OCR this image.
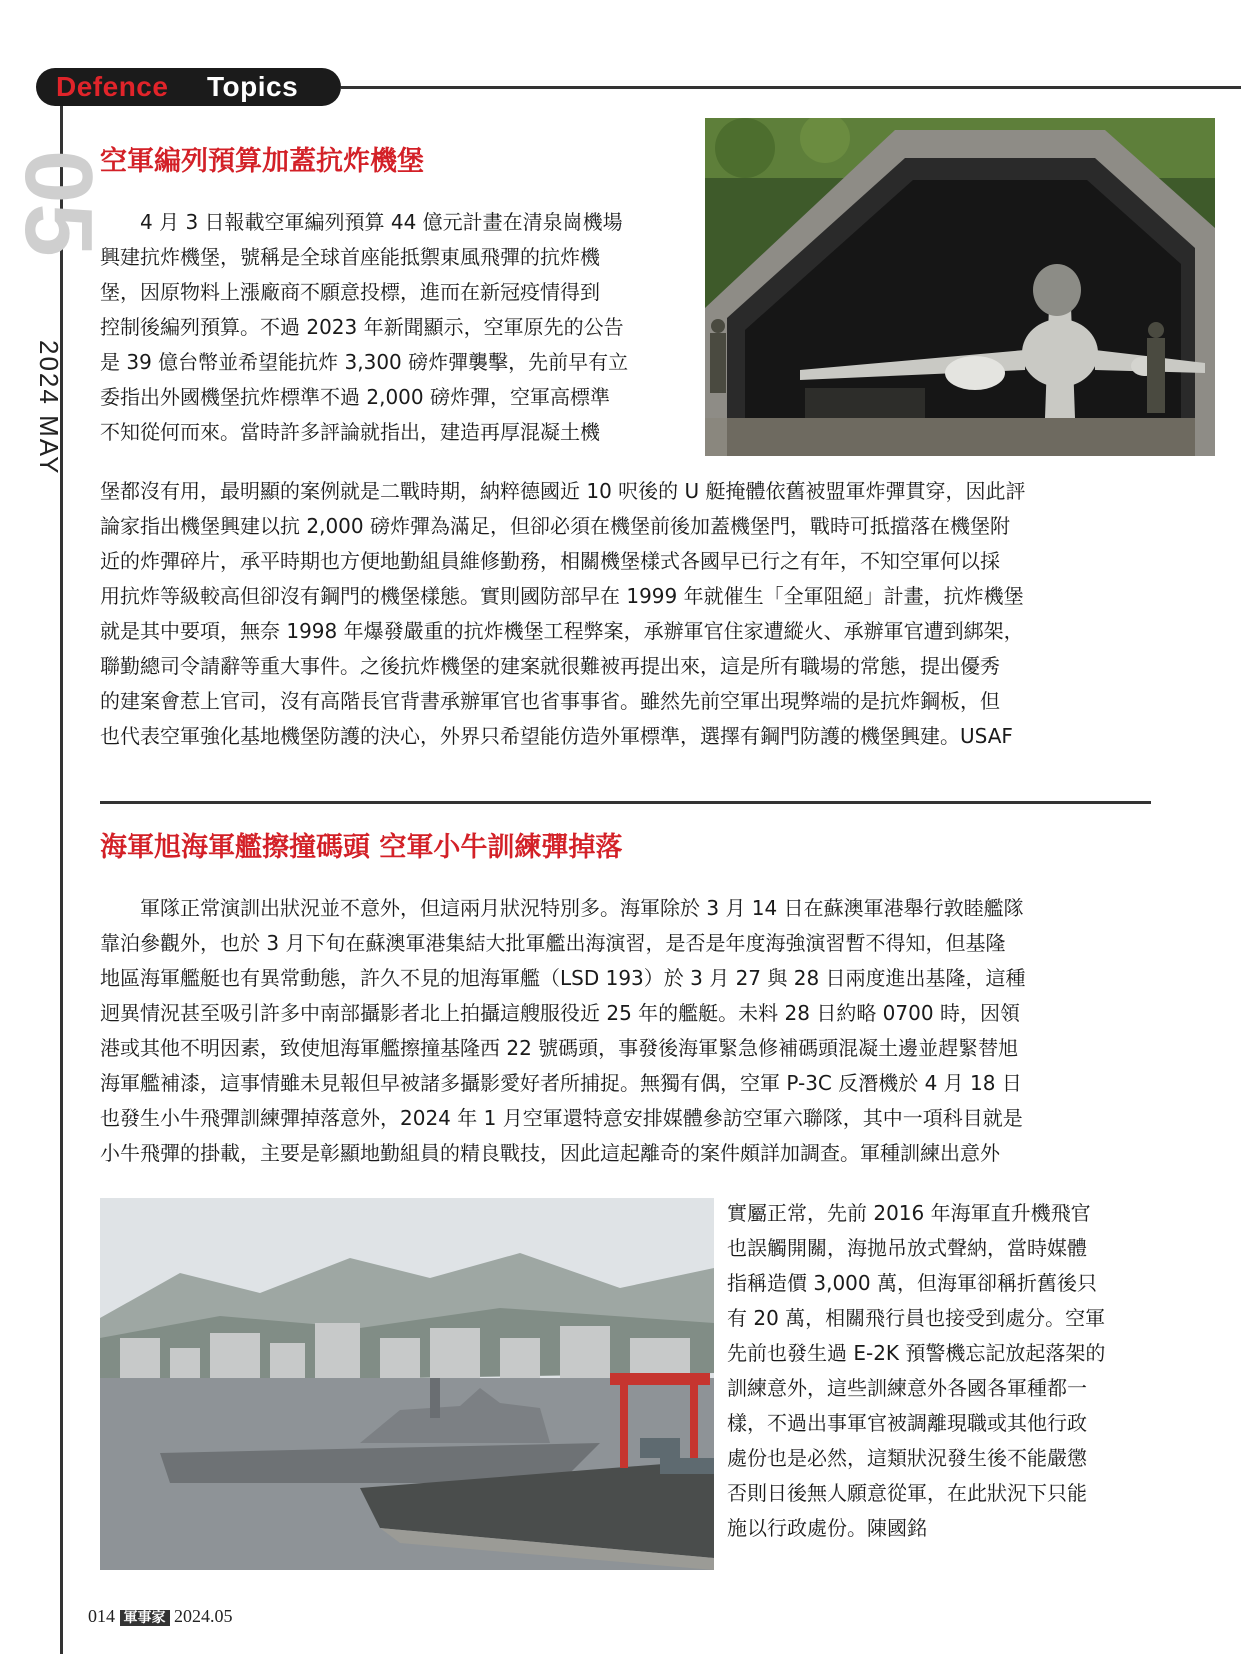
Defence Topics
05
2024 MAY
空軍編列預算加蓋抗炸機堡

　　4 月 3 日報載空軍編列預算 44 億元計畫在清泉崗機場

興建抗炸機堡，號稱是全球首座能抵禦東風飛彈的抗炸機

堡，因原物料上漲廠商不願意投標，進而在新冠疫情得到

控制後編列預算。不過 2023 年新聞顯示，空軍原先的公告

是 39 億台幣並希望能抗炸 3,300 磅炸彈襲擊，先前早有立

委指出外國機堡抗炸標準不過 2,000 磅炸彈，空軍高標準

不知從何而來。當時許多評論就指出，建造再厚混凝土機

堡都沒有用，最明顯的案例就是二戰時期，納粹德國近 10 呎後的 U 艇掩體依舊被盟軍炸彈貫穿，因此評

論家指出機堡興建以抗 2,000 磅炸彈為滿足，但卻必須在機堡前後加蓋機堡門，戰時可抵擋落在機堡附

近的炸彈碎片，承平時期也方便地勤組員維修勤務，相關機堡樣式各國早已行之有年，不知空軍何以採

用抗炸等級較高但卻沒有鋼門的機堡樣態。實則國防部早在 1999 年就催生「全軍阻絕」計畫，抗炸機堡

就是其中要項，無奈 1998 年爆發嚴重的抗炸機堡工程弊案，承辦軍官住家遭縱火、承辦軍官遭到綁架，

聯勤總司令請辭等重大事件。之後抗炸機堡的建案就很難被再提出來，這是所有職場的常態，提出優秀

的建案會惹上官司，沒有高階長官背書承辦軍官也省事事省。雖然先前空軍出現弊端的是抗炸鋼板，但

也代表空軍強化基地機堡防護的決心，外界只希望能仿造外軍標準，選擇有鋼門防護的機堡興建。USAF

海軍旭海軍艦擦撞碼頭 空軍小牛訓練彈掉落

　　軍隊正常演訓出狀況並不意外，但這兩月狀況特別多。海軍除於 3 月 14 日在蘇澳軍港舉行敦睦艦隊

靠泊參觀外，也於 3 月下旬在蘇澳軍港集結大批軍艦出海演習，是否是年度海強演習暫不得知，但基隆

地區海軍艦艇也有異常動態，許久不見的旭海軍艦（LSD 193）於 3 月 27 與 28 日兩度進出基隆，這種

迥異情況甚至吸引許多中南部攝影者北上拍攝這艘服役近 25 年的艦艇。未料 28 日約略 0700 時，因領

港或其他不明因素，致使旭海軍艦擦撞基隆西 22 號碼頭，事發後海軍緊急修補碼頭混凝土邊並趕緊替旭

海軍艦補漆，這事情雖未見報但早被諸多攝影愛好者所捕捉。無獨有偶，空軍 P-3C 反潛機於 4 月 18 日

也發生小牛飛彈訓練彈掉落意外，2024 年 1 月空軍還特意安排媒體參訪空軍六聯隊，其中一項科目就是

小牛飛彈的掛載，主要是彰顯地勤組員的精良戰技，因此這起離奇的案件頗詳加調查。軍種訓練出意外

實屬正常，先前 2016 年海軍直升機飛官

也誤觸開關，海拋吊放式聲納，當時媒體

指稱造價 3,000 萬，但海軍卻稱折舊後只

有 20 萬，相關飛行員也接受到處分。空軍

先前也發生過 E-2K 預警機忘記放起落架的

訓練意外，這些訓練意外各國各軍種都一

樣，不過出事軍官被調離現職或其他行政

處份也是必然，這類狀況發生後不能嚴懲

否則日後無人願意從軍，在此狀況下只能

施以行政處份。陳國銘

014 軍事家 2024.05
